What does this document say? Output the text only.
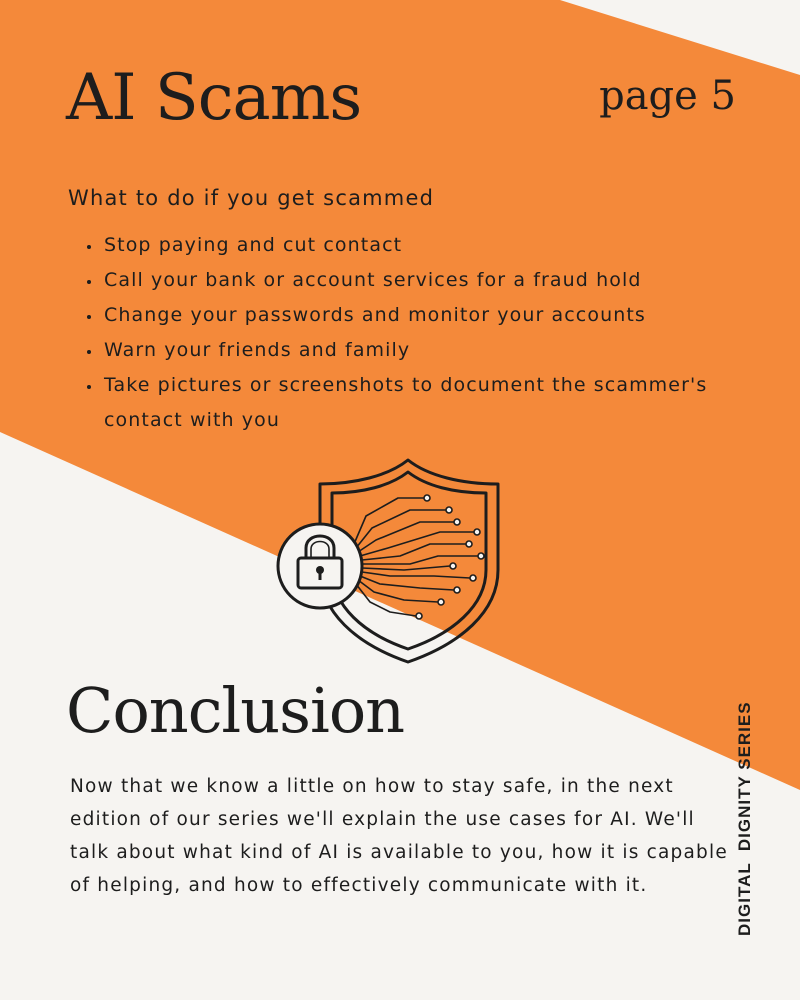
AI Scams	page 5
What to do if you get scammed
• Stop paying and cut contact
• Call your bank or account services for a fraud hold
• Change your passwords and monitor your accounts
• Warn your friends and family
• Take pictures or screenshots to document the scammer's contact with you
Conclusion

Now that we know a little on how to stay safe, in the next edition of our series we'll explain the use cases for AI. We'll talk about what kind of AI is available to you, how it is capable of helping, and how to effectively communicate with it.	DIGITAL  DIGNITY SERIES
